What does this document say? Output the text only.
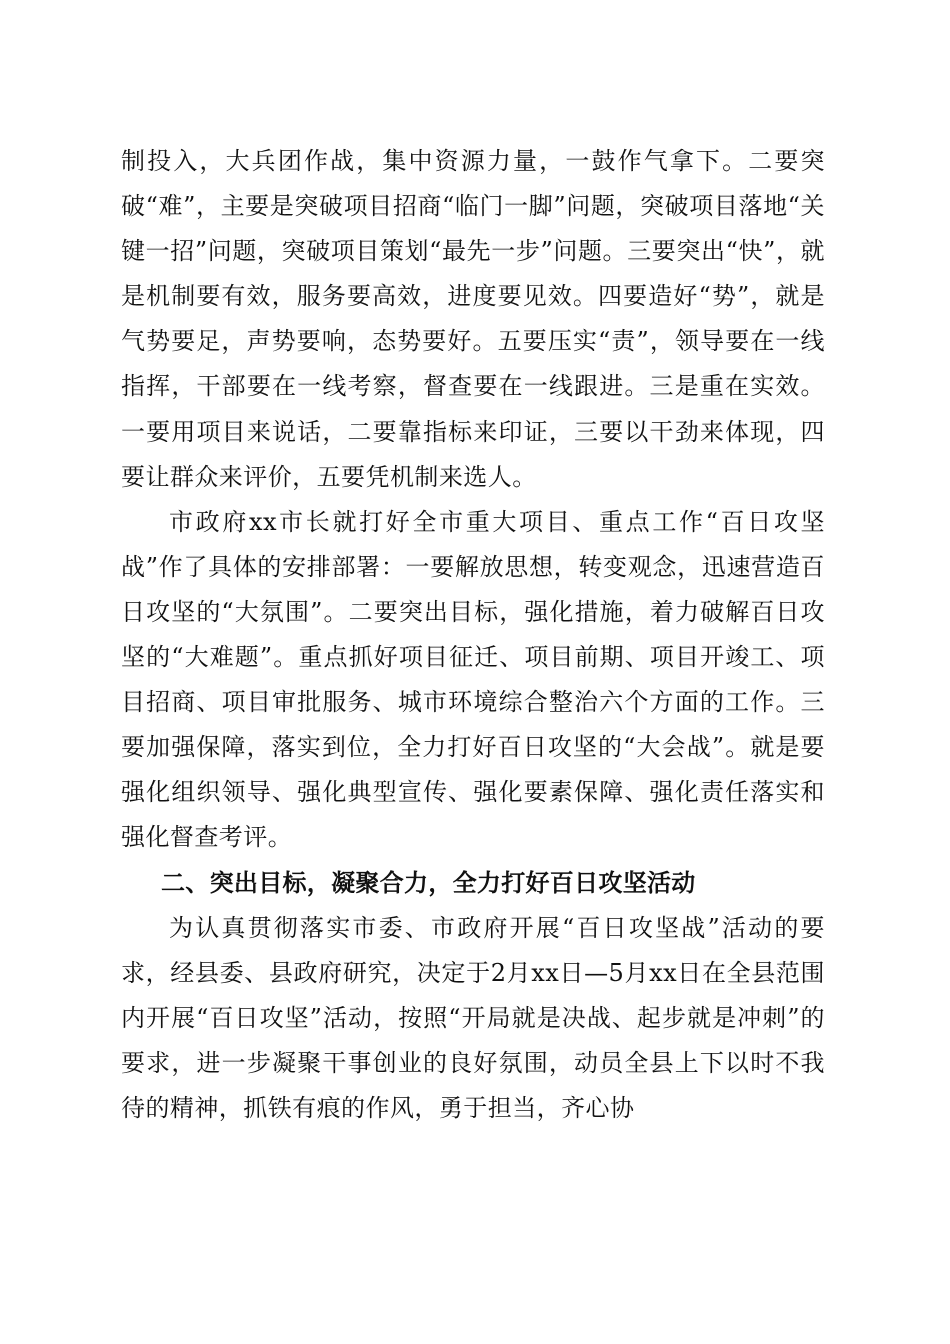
制投入，大兵团作战，集中资源力量，一鼓作气拿下。二要突破“难”，主要是突破项目招商“临门一脚”问题，突破项目落地“关键一招”问题，突破项目策划“最先一步”问题。三要突出“快”，就是机制要有效，服务要高效，进度要见效。四要造好“势”，就是气势要足，声势要响，态势要好。五要压实“责”，领导要在一线指挥，干部要在一线考察，督查要在一线跟进。三是重在实效。一要用项目来说话，二要靠指标来印证，三要以干劲来体现，四要让群众来评价，五要凭机制来选人。

市政府xx市长就打好全市重大项目、重点工作“百日攻坚战”作了具体的安排部署：一要解放思想，转变观念，迅速营造百日攻坚的“大氛围”。二要突出目标，强化措施，着力破解百日攻坚的“大难题”。重点抓好项目征迁、项目前期、项目开竣工、项目招商、项目审批服务、城市环境综合整治六个方面的工作。三要加强保障，落实到位，全力打好百日攻坚的“大会战”。就是要强化组织领导、强化典型宣传、强化要素保障、强化责任落实和强化督查考评。

二、突出目标，凝聚合力，全力打好百日攻坚活动

为认真贯彻落实市委、市政府开展“百日攻坚战”活动的要求，经县委、县政府研究，决定于2月xx日—5月xx日在全县范围内开展“百日攻坚”活动，按照“开局就是决战、起步就是冲刺”的要求，进一步凝聚干事创业的良好氛围，动员全县上下以时不我待的精神，抓铁有痕的作风，勇于担当，齐心协
